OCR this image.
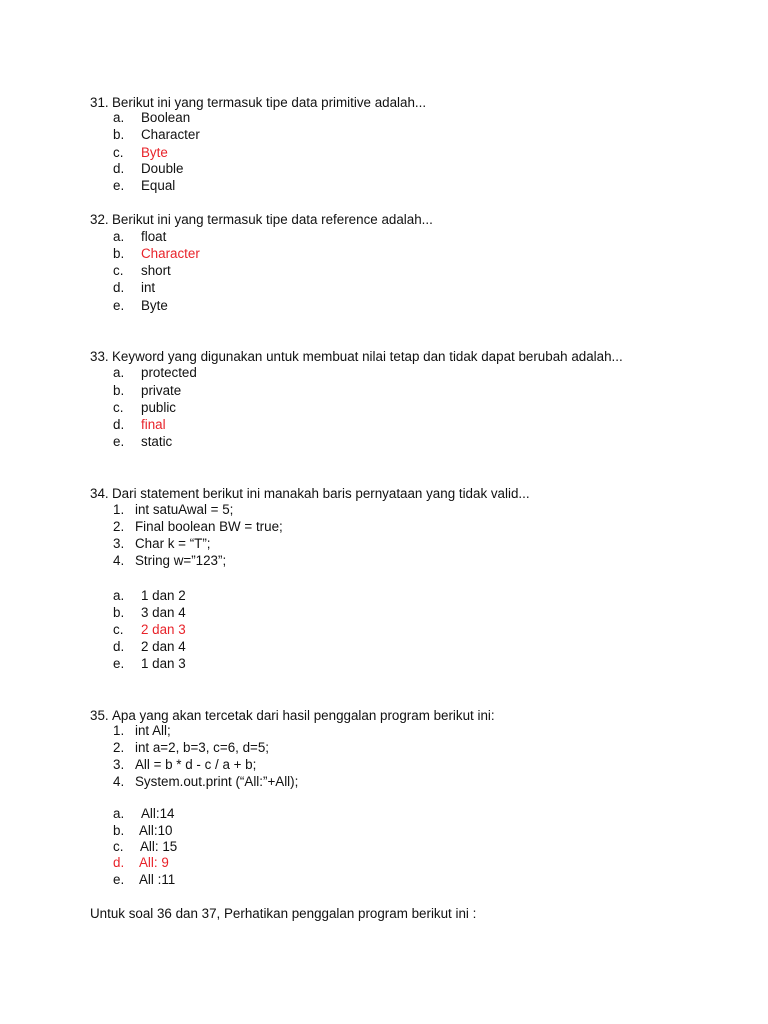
31. Berikut ini yang termasuk tipe data primitive adalah...
a. Boolean
b. Character
c. Byte
d. Double
e. Equal
32. Berikut ini yang termasuk tipe data reference adalah...
a. float
b. Character
c. short
d. int
e. Byte
33. Keyword yang digunakan untuk membuat nilai tetap dan tidak dapat berubah adalah...
a. protected
b. private
c. public
d. final
e. static
34. Dari statement berikut ini manakah baris pernyataan yang tidak valid...
1. int satuAwal = 5;
2. Final boolean BW = true;
3. Char k = “T”;
4. String w=”123”;
a. 1 dan 2
b. 3 dan 4
c. 2 dan 3
d. 2 dan 4
e. 1 dan 3
35. Apa yang akan tercetak dari hasil penggalan program berikut ini:
1. int All;
2. int a=2, b=3, c=6, d=5;
3. All = b * d - c / a + b;
4. System.out.print (“All:”+All);
a. All:14
b. All:10
c. All: 15
d. All: 9
e. All :11
Untuk soal 36 dan 37, Perhatikan penggalan program berikut ini :
